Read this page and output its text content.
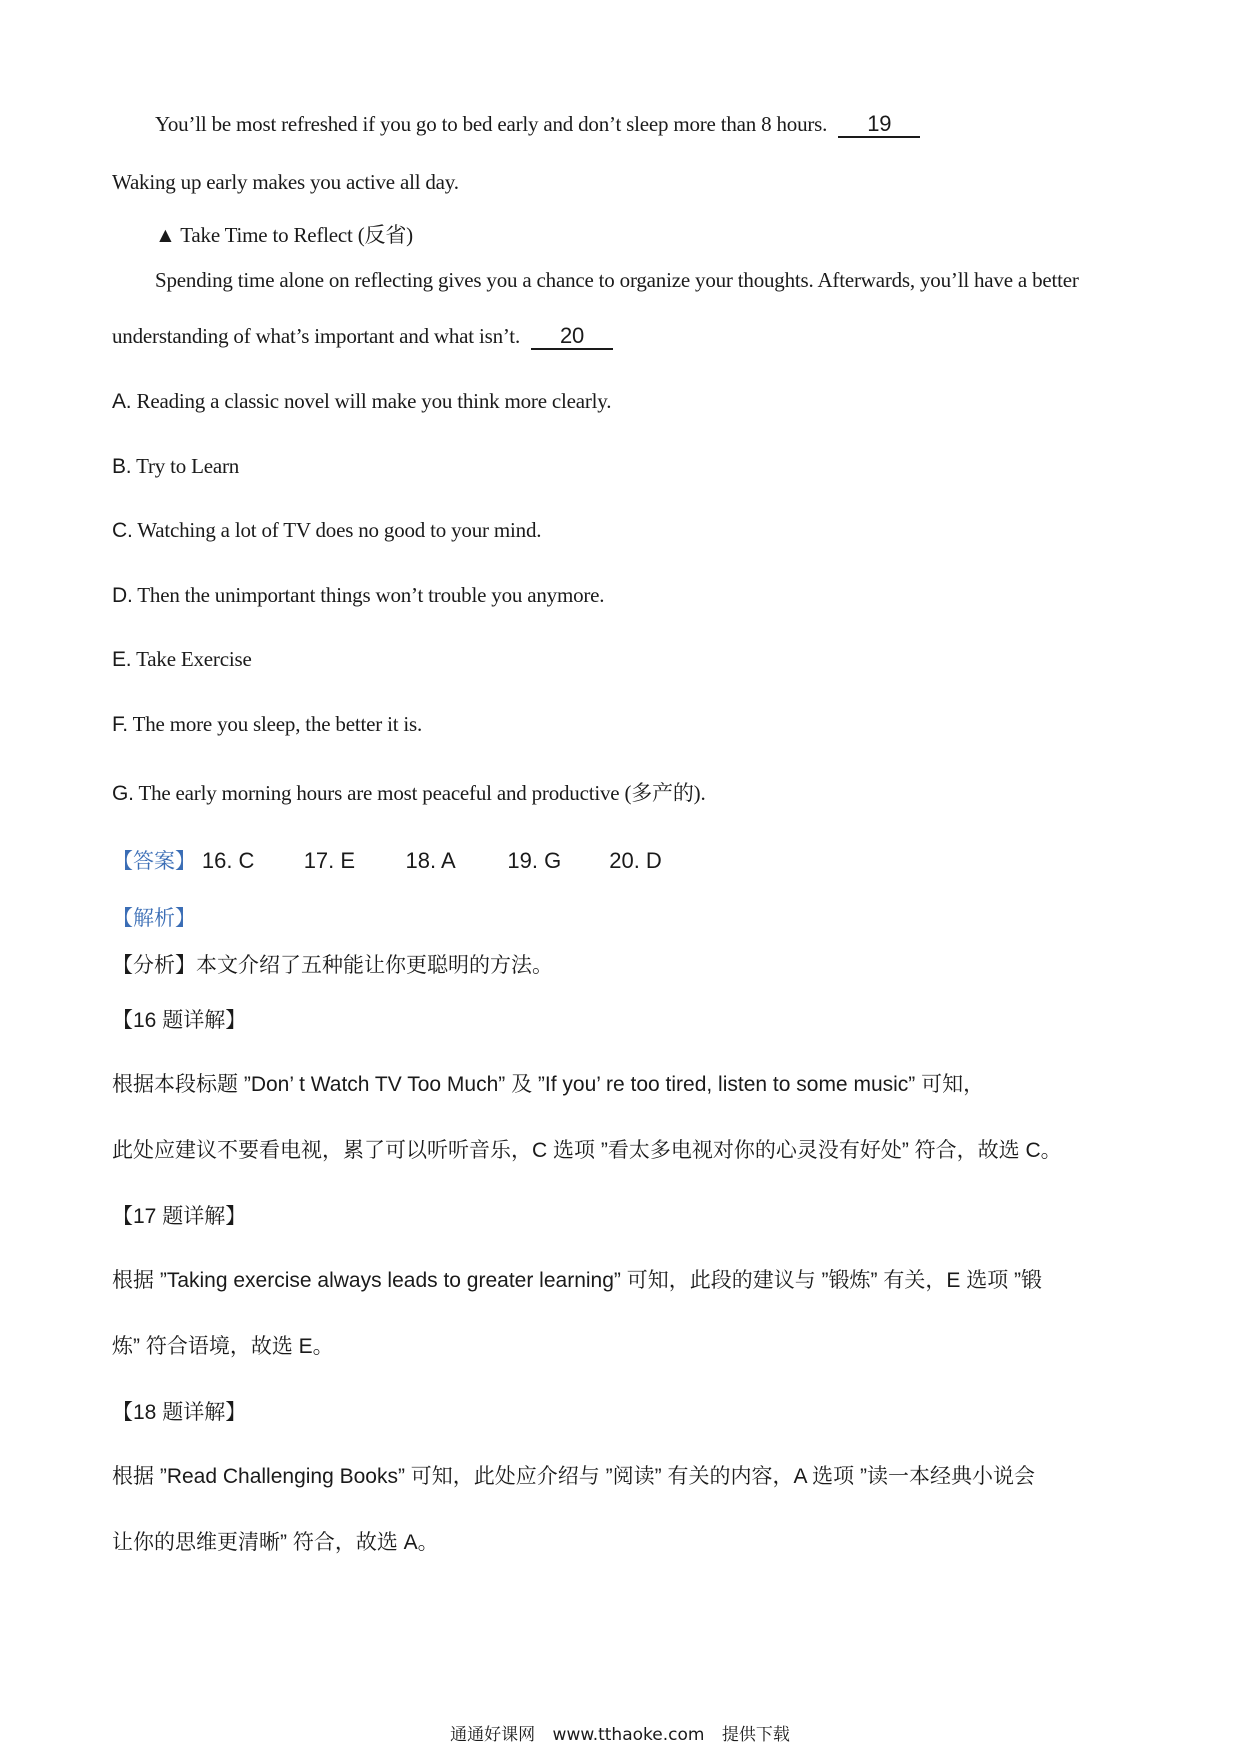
You’ll be most refreshed if you go to bed early and don’t sleep more than 8 hours. 19
Waking up early makes you active all day.
▲ Take Time to Reflect (反省)
Spending time alone on reflecting gives you a chance to organize your thoughts. Afterwards, you’ll have a better
understanding of what’s important and what isn’t. 20
A. Reading a classic novel will make you think more clearly.
B. Try to Learn
C. Watching a lot of TV does no good to your mind.
D. Then the unimportant things won’t trouble you anymore.
E. Take Exercise
F. The more you sleep, the better it is.
G. The early morning hours are most peaceful and productive (多产的).
【答案】 16. C 17. E 18. A 19. G 20. D
【解析】
【分析】本文介绍了五种能让你更聪明的方法。
【16 题详解】
根据本段标题 ”Don’ t Watch TV Too Much” 及 ”If you’ re too tired, listen to some music” 可知，
此处应建议不要看电视，累了可以听听音乐，C 选项 ”看太多电视对你的心灵没有好处” 符合，故选 C。
【17 题详解】
根据 ”Taking exercise always leads to greater learning” 可知，此段的建议与 ”锻炼” 有关，E 选项 ”锻
炼” 符合语境，故选 E。
【18 题详解】
根据 ”Read Challenging Books” 可知，此处应介绍与 ”阅读” 有关的内容，A 选项 ”读一本经典小说会
让你的思维更清晰” 符合，故选 A。
通通好课网 www.tthaoke.com 提供下载
